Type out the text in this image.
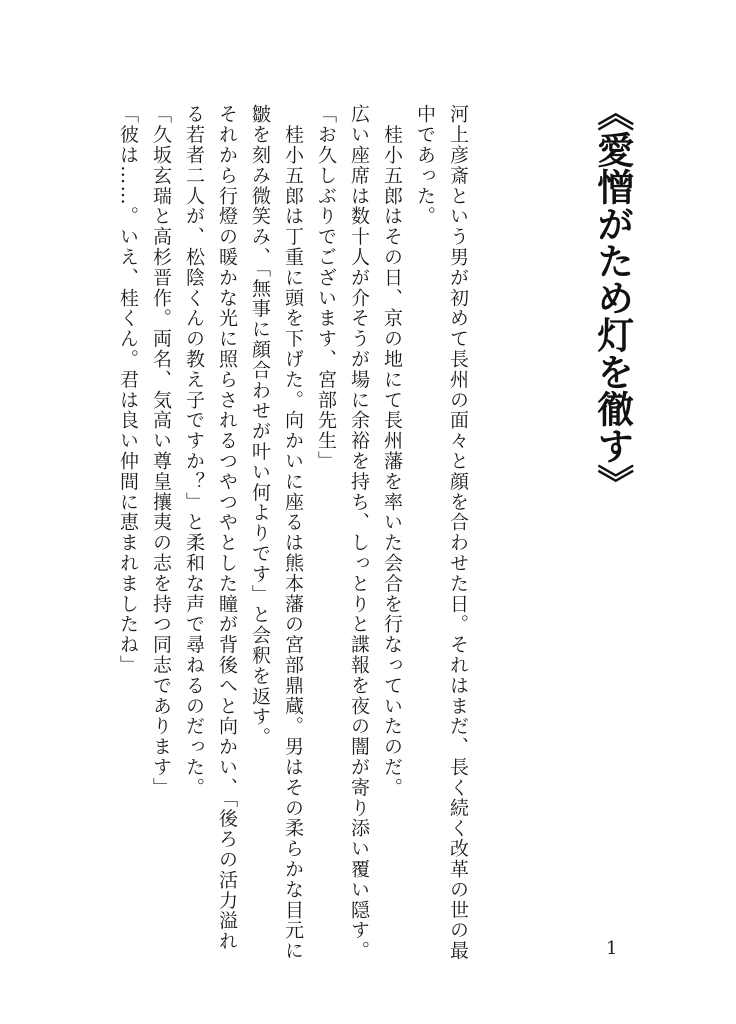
《愛憎がため灯を徹す》

河上彦斎という男が初めて長州の面々と顔を合わせた日。それはまだ、長く続く改革の世の最中であった。

　桂小五郎はその日、京の地にて長州藩を率いた会合を行なっていたのだ。

広い座席は数十人が介そうが場に余裕を持ち、しっとりと諜報を夜の闇が寄り添い覆い隠す。

「お久しぶりでございます、宮部先生」

　桂小五郎は丁重に頭を下げた。向かいに座るは熊本藩の宮部鼎蔵。男はその柔らかな目元に皺を刻み微笑み、「無事に顔合わせが叶い何よりです」と会釈を返す。

それから行燈の暖かな光に照らされるつやつやとした瞳が背後へと向かい、「後ろの活力溢れる若者二人が、松陰くんの教え子ですか？」と柔和な声で尋ねるのだった。

「久坂玄瑞と高杉晋作。両名、気高い尊皇攘夷の志を持つ同志であります」

「彼は……。いえ、桂くん。君は良い仲間に恵まれましたね」

1
